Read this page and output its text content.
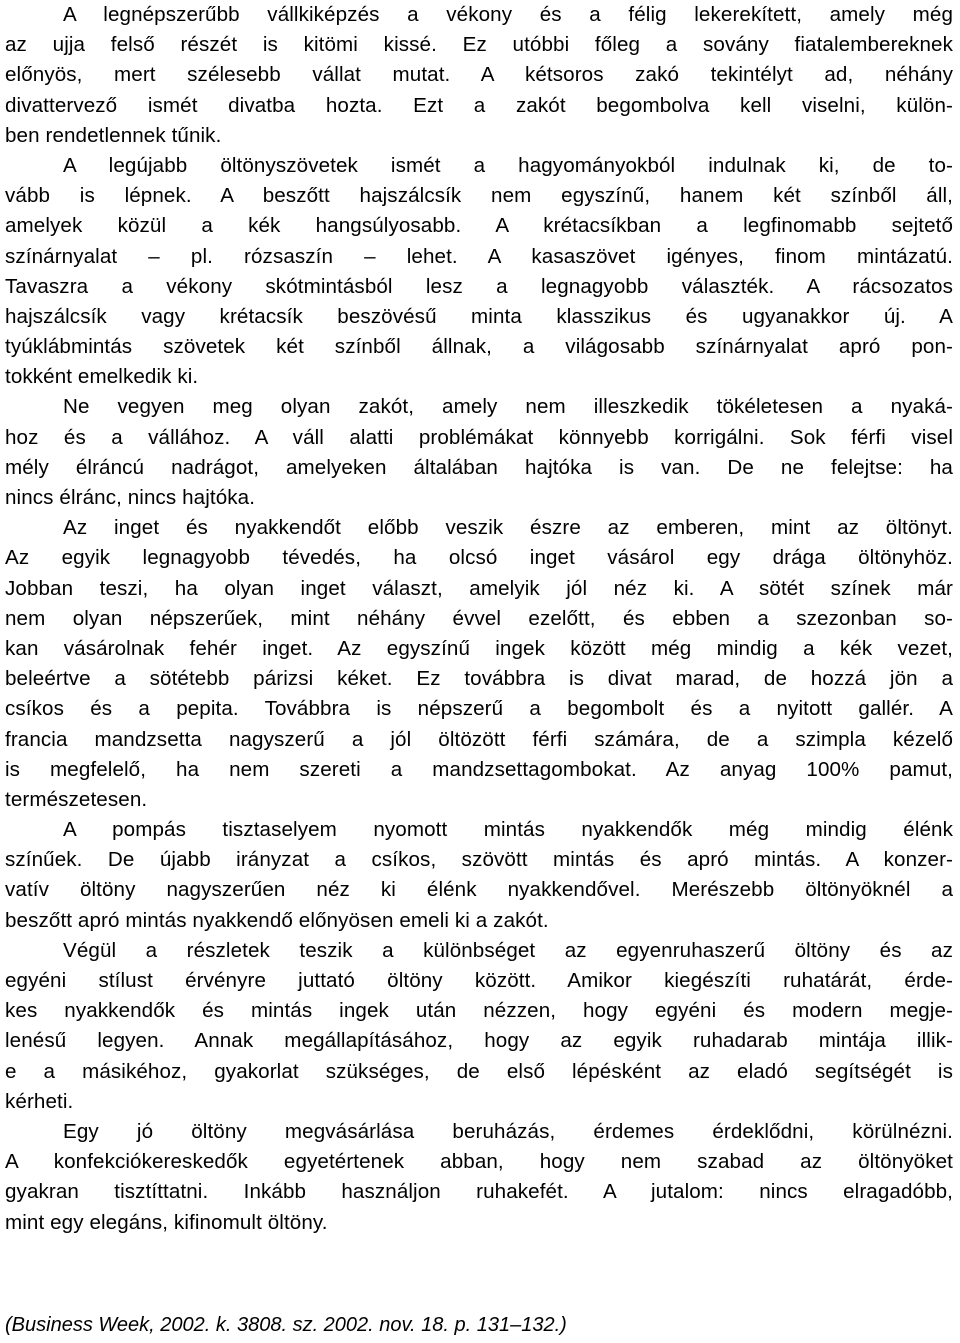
A legnépszerűbb vállkiképzés a vékony és a félig lekerekített, amely még
az ujja felső részét is kitömi kissé. Ez utóbbi főleg a sovány fiatalembereknek
előnyös, mert szélesebb vállat mutat. A kétsoros zakó tekintélyt ad, néhány
divattervező ismét divatba hozta. Ezt a zakót begombolva kell viselni, külön-
ben rendetlennek tűnik.
A legújabb öltönyszövetek ismét a hagyományokból indulnak ki, de to-
vább is lépnek. A beszőtt hajszálcsík nem egyszínű, hanem két színből áll,
amelyek közül a kék hangsúlyosabb. A krétacsíkban a legfinomabb sejtető
színárnyalat – pl. rózsaszín – lehet. A kasaszövet igényes, finom mintázatú.
Tavaszra a vékony skótmintásból lesz a legnagyobb választék. A rácsozatos
hajszálcsík vagy krétacsík beszövésű minta klasszikus és ugyanakkor új. A
tyúklábmintás szövetek két színből állnak, a világosabb színárnyalat apró pon-
tokként emelkedik ki.
Ne vegyen meg olyan zakót, amely nem illeszkedik tökéletesen a nyaká-
hoz és a vállához. A váll alatti problémákat könnyebb korrigálni. Sok férfi visel
mély élráncú nadrágot, amelyeken általában hajtóka is van. De ne felejtse: ha
nincs élránc, nincs hajtóka.
Az inget és nyakkendőt előbb veszik észre az emberen, mint az öltönyt.
Az egyik legnagyobb tévedés, ha olcsó inget vásárol egy drága öltönyhöz.
Jobban teszi, ha olyan inget választ, amelyik jól néz ki. A sötét színek már
nem olyan népszerűek, mint néhány évvel ezelőtt, és ebben a szezonban so-
kan vásárolnak fehér inget. Az egyszínű ingek között még mindig a kék vezet,
beleértve a sötétebb párizsi kéket. Ez továbbra is divat marad, de hozzá jön a
csíkos és a pepita. Továbbra is népszerű a begombolt és a nyitott gallér. A
francia mandzsetta nagyszerű a jól öltözött férfi számára, de a szimpla kézelő
is megfelelő, ha nem szereti a mandzsettagombokat. Az anyag 100% pamut,
természetesen.
A pompás tisztaselyem nyomott mintás nyakkendők még mindig élénk
színűek. De újabb irányzat a csíkos, szövött mintás és apró mintás. A konzer-
vatív öltöny nagyszerűen néz ki élénk nyakkendővel. Merészebb öltönyöknél a
beszőtt apró mintás nyakkendő előnyösen emeli ki a zakót.
Végül a részletek teszik a különbséget az egyenruhaszerű öltöny és az
egyéni stílust érvényre juttató öltöny között. Amikor kiegészíti ruhatárát, érde-
kes nyakkendők és mintás ingek után nézzen, hogy egyéni és modern megje-
lenésű legyen. Annak megállapításához, hogy az egyik ruhadarab mintája illik-
e a másikéhoz, gyakorlat szükséges, de első lépésként az eladó segítségét is
kérheti.
Egy jó öltöny megvásárlása beruházás, érdemes érdeklődni, körülnézni.
A konfekciókereskedők egyetértenek abban, hogy nem szabad az öltönyöket
gyakran tisztíttatni. Inkább használjon ruhakefét. A jutalom: nincs elragadóbb,
mint egy elegáns, kifinomult öltöny.
(Business Week, 2002. k. 3808. sz. 2002. nov. 18. p. 131–132.)
